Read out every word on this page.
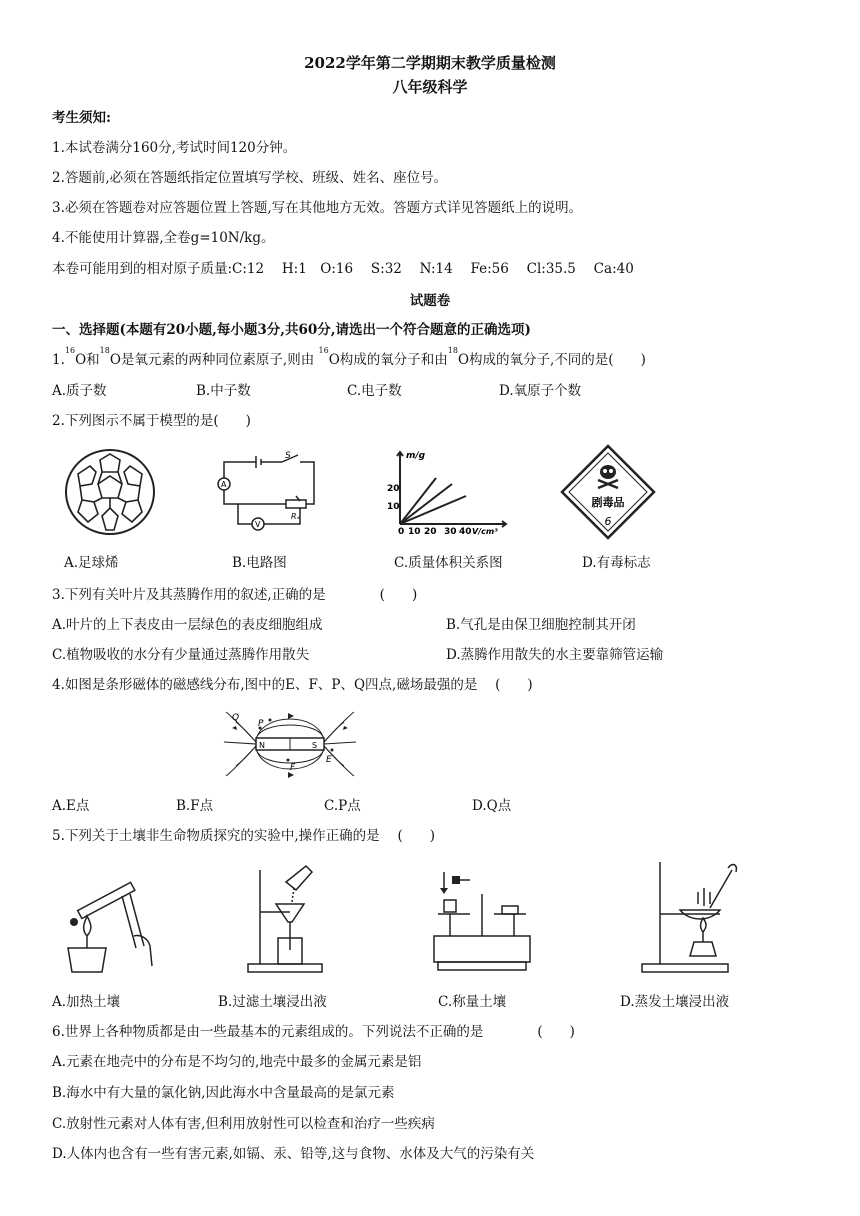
2022学年第二学期期末教学质量检测
八年级科学
考生须知:
1.本试卷满分160分,考试时间120分钟。
2.答题前,必须在答题纸指定位置填写学校、班级、姓名、座位号。
3.必须在答题卷对应答题位置上答题,写在其他地方无效。答题方式详见答题纸上的说明。
4.不能使用计算器,全卷g=10N/kg。
本卷可能用到的相对原子质量:C:12　 H:1　O:16　 S:32　 N:14　 Fe:56　 Cl:35.5　 Ca:40
试题卷
一、选择题(本题有20小题,每小题3分,共60分,请选出一个符合题意的正确选项)
1.16O和$^{18}$O是氧元素的两种同位素原子,则由 $^{16}$O构成的氧分子和由$^{18}$O构成的氧分子,不同的是(　　)
A.质子数	B.中子数	C.电子数	D.氧原子个数
2.下列图示不属于模型的是(　　)
A
V
S
Rₓ
m/g
20
10
0 10 20 30 40 V/cm³
剧毒品
6
A.足球烯	B.电路图	C.质量体积关系图	D.有毒标志
3.下列有关叶片及其蒸腾作用的叙述,正确的是　　　　(　　)
A.叶片的上下表皮由一层绿色的表皮细胞组成	B.气孔是由保卫细胞控制其开闭
C.植物吸收的水分有少量通过蒸腾作用散失	D.蒸腾作用散失的水主要靠筛管运输
4.如图是条形磁体的磁感线分布,图中的E、F、P、Q四点,磁场最强的是　 (　　)
N	S
Q
P
F
E
A.E点	B.F点	C.P点	D.Q点
5.下列关于土壤非生命物质探究的实验中,操作正确的是　 (　　)
A.加热土壤	B.过滤土壤浸出液	C.称量土壤	D.蒸发土壤浸出液
6.世界上各种物质都是由一些最基本的元素组成的。下列说法不正确的是　　　　(　　)
A.元素在地壳中的分布是不均匀的,地壳中最多的金属元素是铝
B.海水中有大量的氯化钠,因此海水中含量最高的是氯元素
C.放射性元素对人体有害,但利用放射性可以检查和治疗一些疾病
D.人体内也含有一些有害元素,如镉、汞、铅等,这与食物、水体及大气的污染有关
